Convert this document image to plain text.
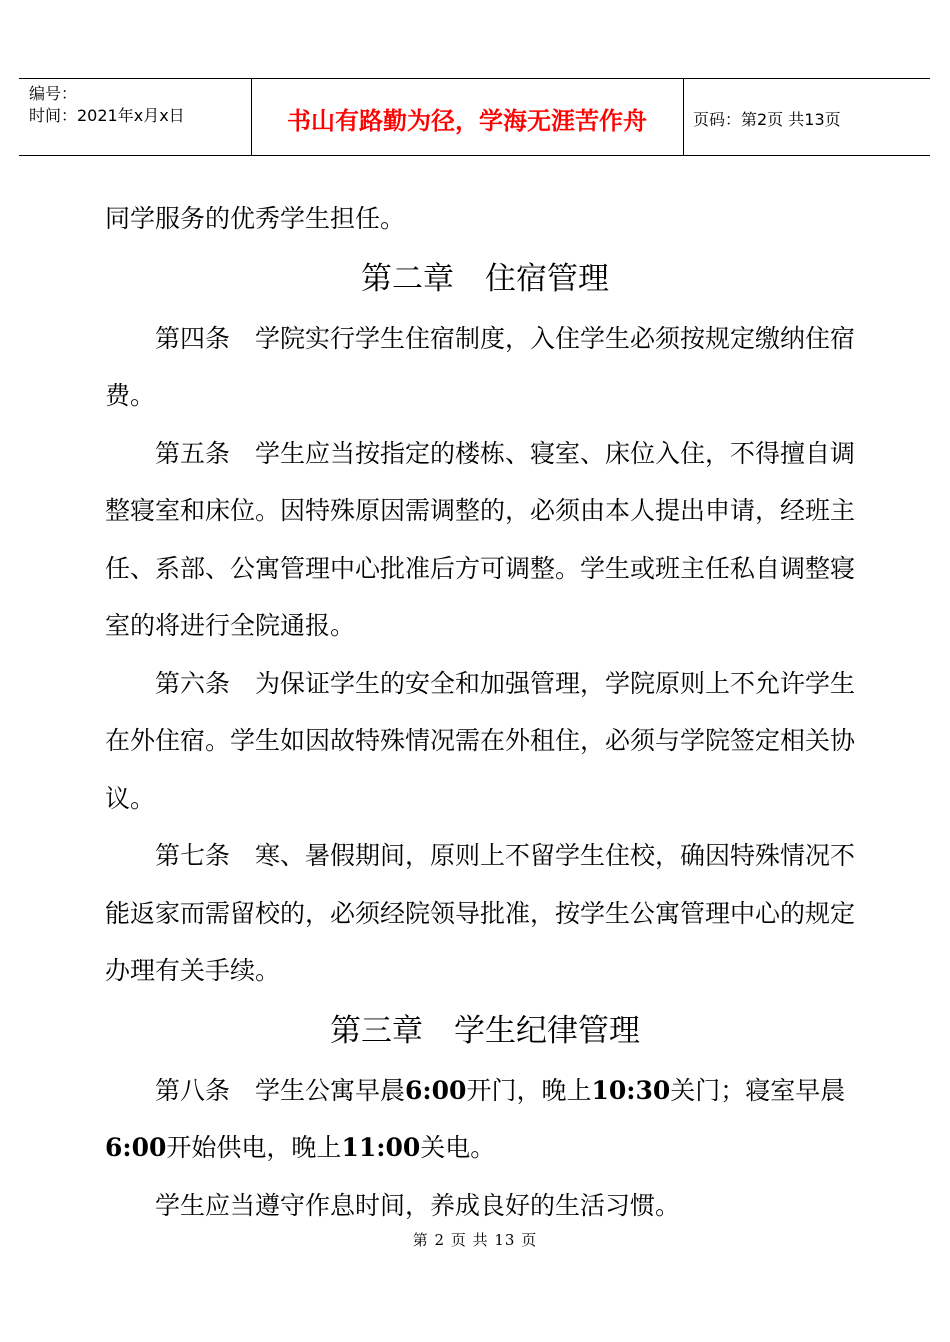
编号：
时间：2021年x月x日	书山有路勤为径，学海无涯苦作舟	页码：第2页 共13页

同学服务的优秀学生担任。

第二章　住宿管理

第四条　学院实行学生住宿制度，入住学生必须按规定缴纳住宿费。

第五条　学生应当按指定的楼栋、寝室、床位入住，不得擅自调整寝室和床位。因特殊原因需调整的，必须由本人提出申请，经班主任、系部、公寓管理中心批准后方可调整。学生或班主任私自调整寝室的将进行全院通报。

第六条　为保证学生的安全和加强管理，学院原则上不允许学生在外住宿。学生如因故特殊情况需在外租住，必须与学院签定相关协议。

第七条　寒、暑假期间，原则上不留学生住校，确因特殊情况不能返家而需留校的，必须经院领导批准，按学生公寓管理中心的规定办理有关手续。

第三章　学生纪律管理

第八条　学生公寓早晨6:00开门，晚上10:30关门；寝室早晨6:00开始供电，晚上11:00关电。

学生应当遵守作息时间，养成良好的生活习惯。

第 2 页 共 13 页
